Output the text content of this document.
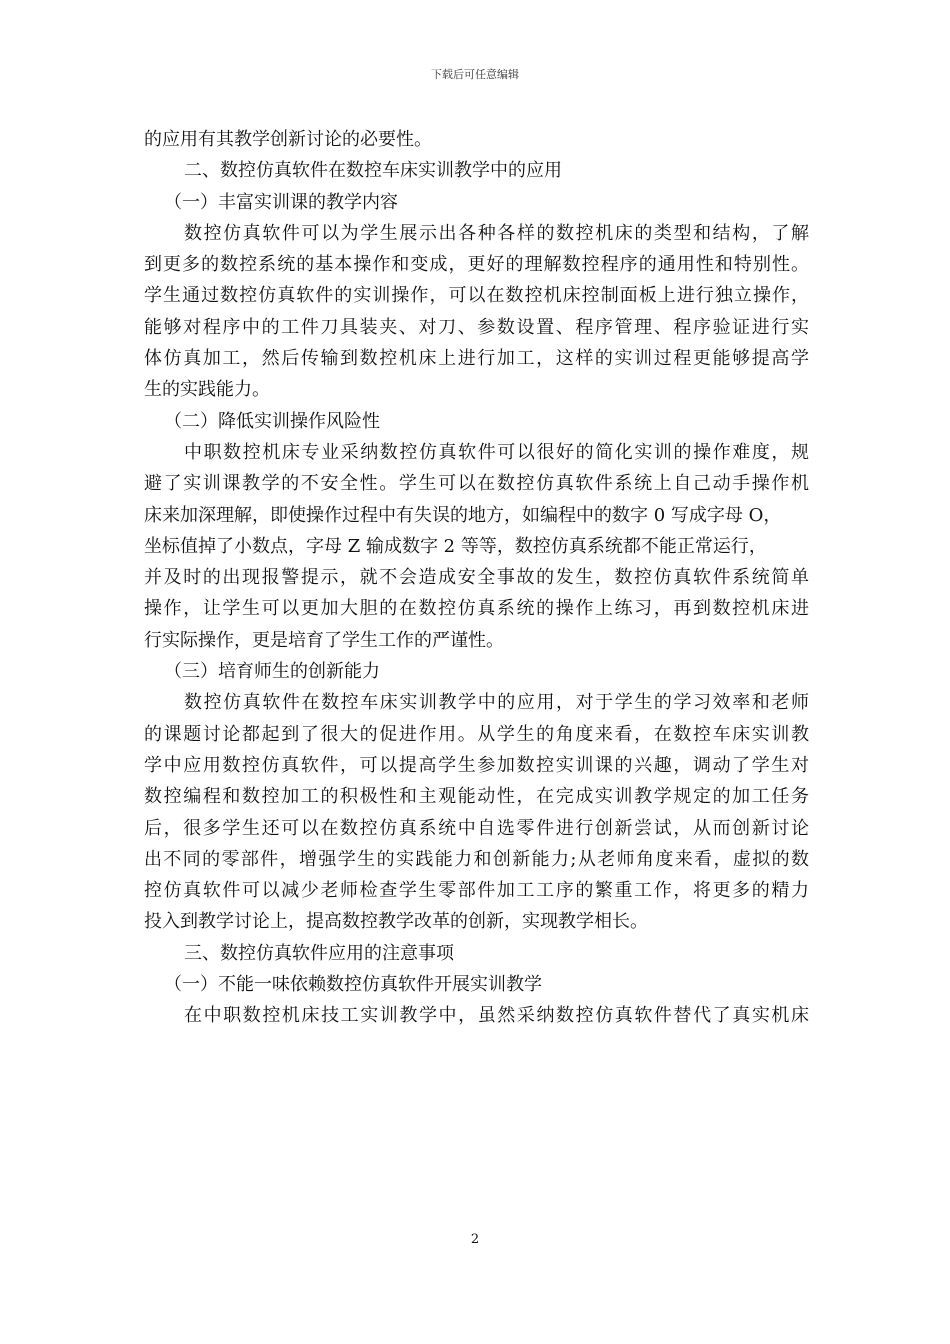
下载后可任意编辑
的应用有其教学创新讨论的必要性。
二、数控仿真软件在数控车床实训教学中的应用
（一）丰富实训课的教学内容
数控仿真软件可以为学生展示出各种各样的数控机床的类型和结构，了解
到更多的数控系统的基本操作和变成，更好的理解数控程序的通用性和特别性。
学生通过数控仿真软件的实训操作，可以在数控机床控制面板上进行独立操作，
能够对程序中的工件刀具装夹、对刀、参数设置、程序管理、程序验证进行实
体仿真加工，然后传输到数控机床上进行加工，这样的实训过程更能够提高学
生的实践能力。
（二）降低实训操作风险性
中职数控机床专业采纳数控仿真软件可以很好的简化实训的操作难度，规
避了实训课教学的不安全性。学生可以在数控仿真软件系统上自己动手操作机
床来加深理解，即使操作过程中有失误的地方，如编程中的数字 0 写成字母 O，
坐标值掉了小数点，字母 Z 输成数字 2 等等，数控仿真系统都不能正常运行，
并及时的出现报警提示，就不会造成安全事故的发生，数控仿真软件系统简单
操作，让学生可以更加大胆的在数控仿真系统的操作上练习，再到数控机床进
行实际操作，更是培育了学生工作的严谨性。
（三）培育师生的创新能力
数控仿真软件在数控车床实训教学中的应用，对于学生的学习效率和老师
的课题讨论都起到了很大的促进作用。从学生的角度来看，在数控车床实训教
学中应用数控仿真软件，可以提高学生参加数控实训课的兴趣，调动了学生对
数控编程和数控加工的积极性和主观能动性，在完成实训教学规定的加工任务
后，很多学生还可以在数控仿真系统中自选零件进行创新尝试，从而创新讨论
出不同的零部件，增强学生的实践能力和创新能力;从老师角度来看，虚拟的数
控仿真软件可以减少老师检查学生零部件加工工序的繁重工作，将更多的精力
投入到教学讨论上，提高数控教学改革的创新，实现教学相长。
三、数控仿真软件应用的注意事项
（一）不能一味依赖数控仿真软件开展实训教学
在中职数控机床技工实训教学中，虽然采纳数控仿真软件替代了真实机床
2
